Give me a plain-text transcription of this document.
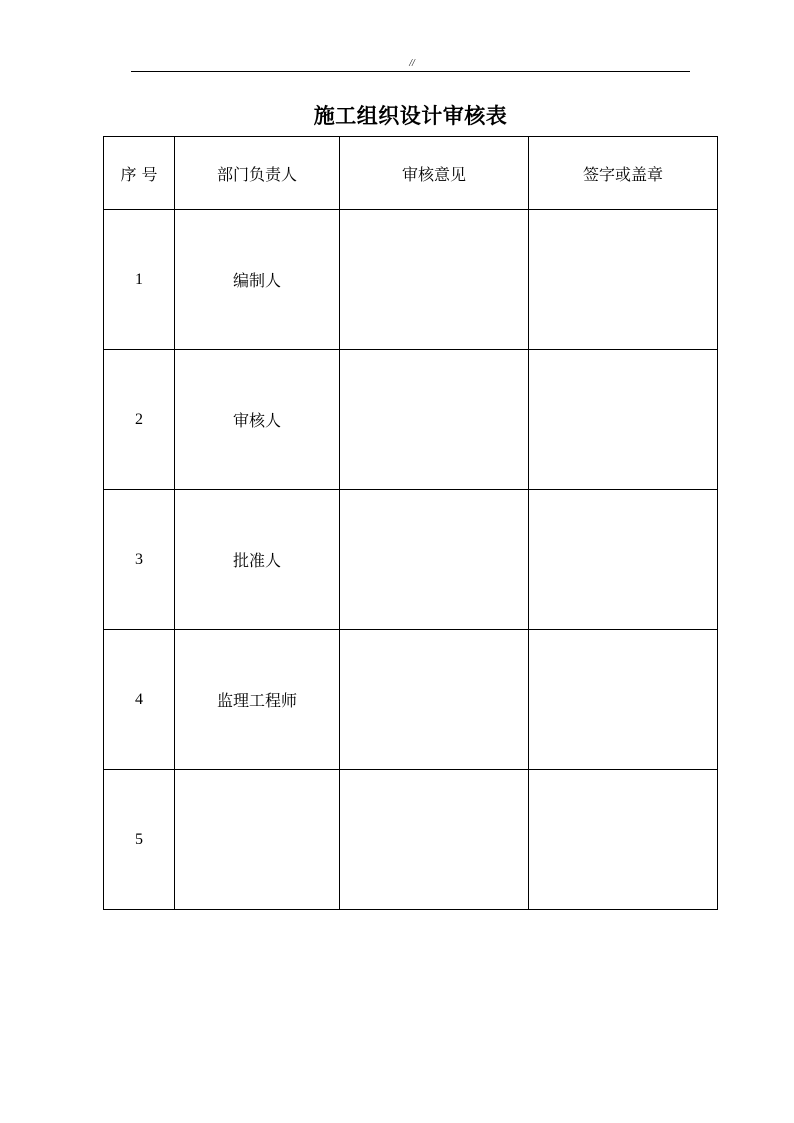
//
施工组织设计审核表
序 号	部门负责人	审核意见	签字或盖章
1	编制人		
2	审核人		
3	批准人		
4	监理工程师		
5			
